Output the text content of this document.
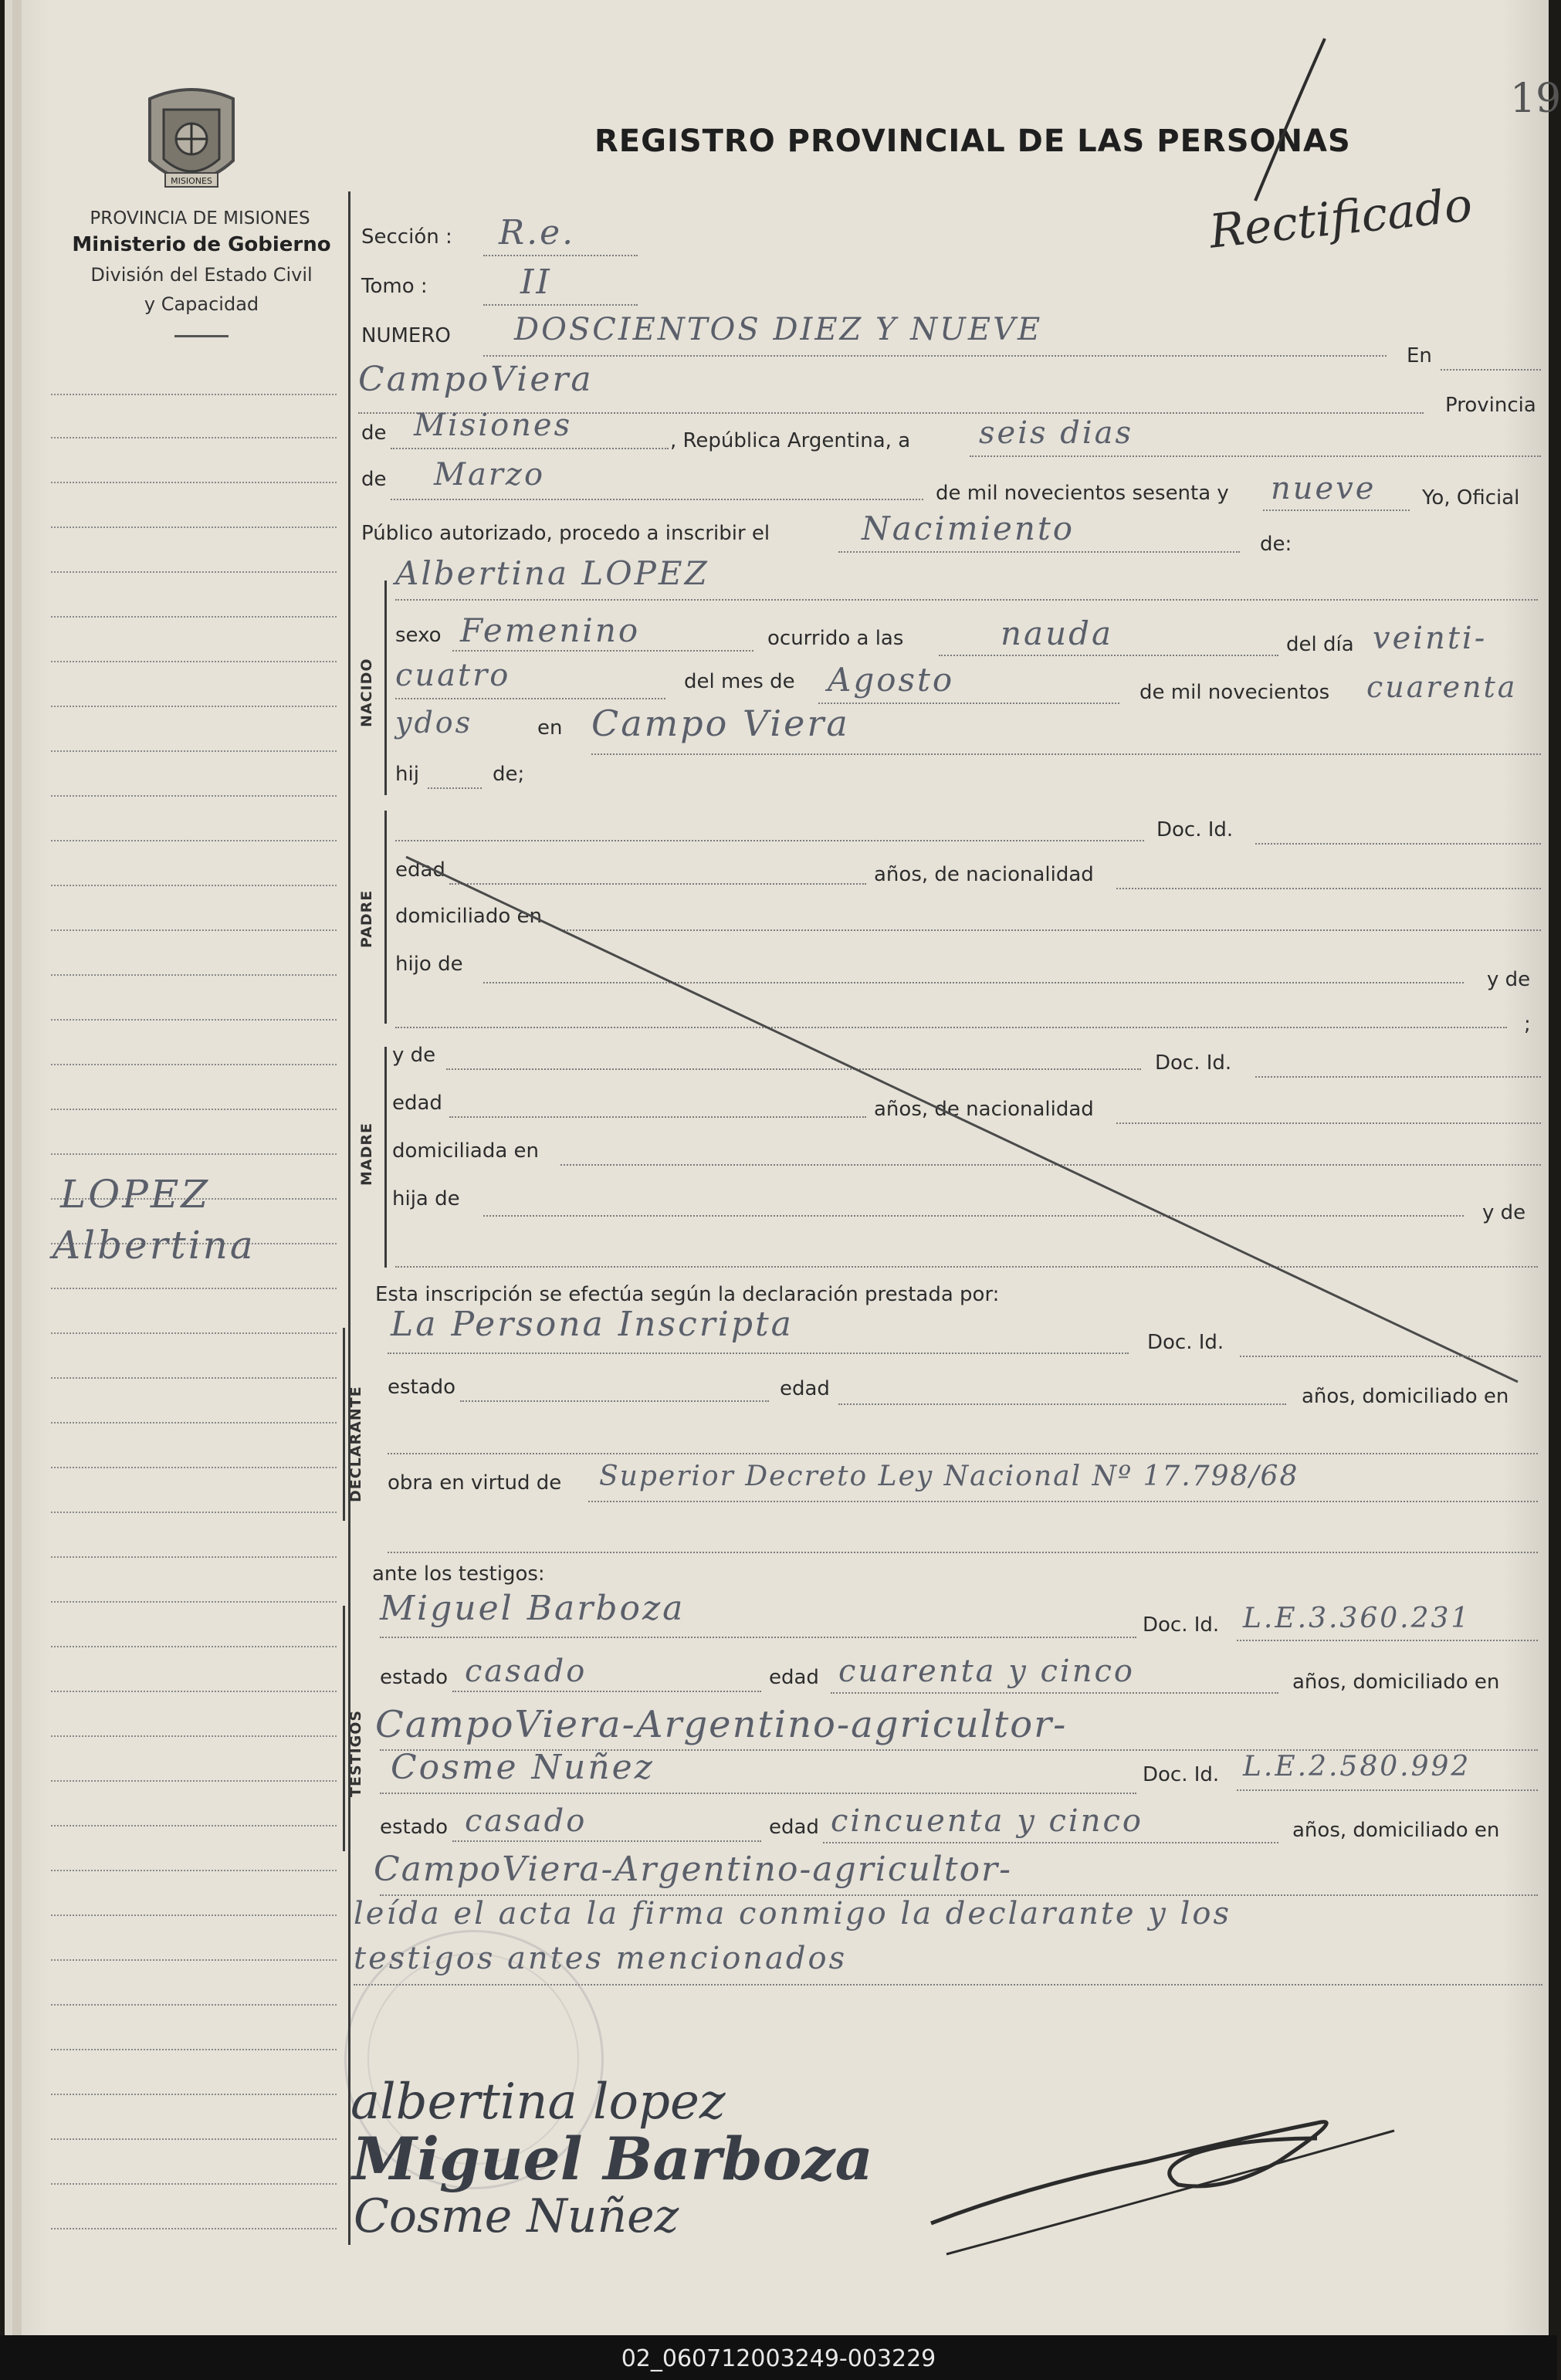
MISIONES
19
REGISTRO PROVINCIAL DE LAS PERSONAS
Rectificado
PROVINCIA DE MISIONES
Ministerio de Gobierno
División del Estado Civil
y Capacidad
LOPEZ
Albertina
Sección : R.e.
Tomo :	II
NUMERO DOSCIENTOS DIEZ Y NUEVE
En
CampoViera
Provincia
de Misiones	, República Argentina, a seis dias
de Marzo
de mil novecientos sesenta y nueve Yo, Oficial
Público autorizado, procedo a inscribir el	Nacimiento	de:
NACIDO
Albertina LOPEZ
sexo Femenino	ocurrido a las	nauda	del día veinti-
cuatro	del mes de Agosto	de mil novecientos cuarenta
ydos	en Campo Viera
hij	de;
PADRE
Doc. Id.
edad	años, de nacionalidad
domiciliado en
hijo de
y de
;
MADRE
y de	Doc. Id.
edad	años, de nacionalidad
domiciliada en
hija de
y de
Esta inscripción se efectúa según la declaración prestada por:
DECLARANTE
La Persona Inscripta	Doc. Id.
estado	edad	años, domiciliado en
obra en virtud de Superior Decreto Ley Nacional Nº 17.798/68
ante los testigos:
TESTIGOS
Miguel Barboza	Doc. Id. L.E.3.360.231
estado casado	edad cuarenta y cinco	años, domiciliado en
CampoViera-Argentino-agricultor-
Cosme Nuñez	Doc. Id. L.E.2.580.992
estado casado	edad cincuenta y cinco	años, domiciliado en
CampoViera-Argentino-agricultor-
leída el acta la firma conmigo la declarante y los
testigos antes mencionados
albertina lopez
Miguel Barboza
Cosme Nuñez
02_060712003249-003229
